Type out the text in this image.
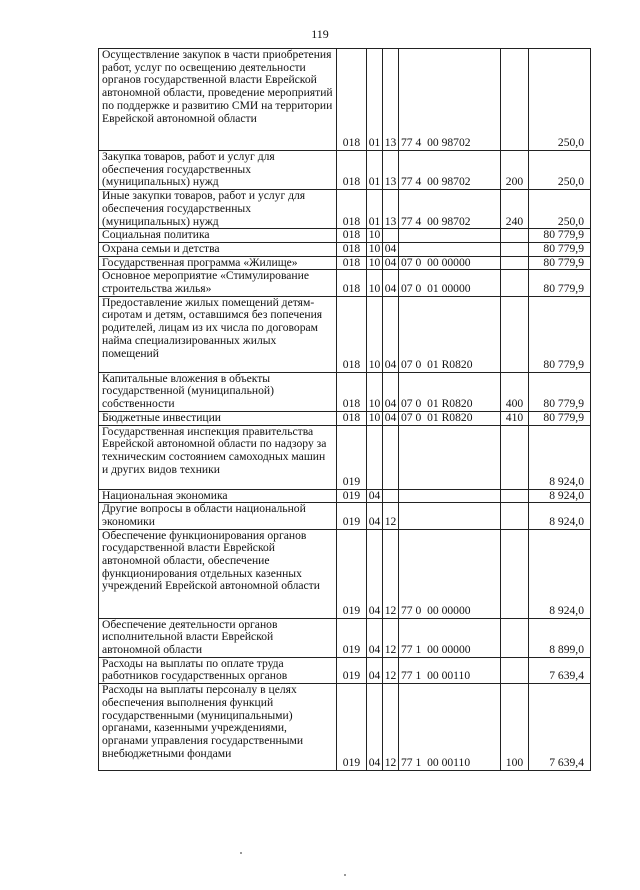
119
Осуществление закупок в части приобретения работ, услуг по освещению деятельности органов государственной власти Еврейской автономной области, проведение мероприятий по поддержке и развитию СМИ на территории Еврейской автономной области	018	01	13	77 4  00 98702		250,0
Закупка товаров, работ и услуг для обеспечения государственных (муниципальных) нужд	018	01	13	77 4  00 98702	200	250,0
Иные закупки товаров, работ и услуг для обеспечения государственных (муниципальных) нужд	018	01	13	77 4  00 98702	240	250,0
Социальная политика	018	10				80 779,9
Охрана семьи и детства	018	10	04			80 779,9
Государственная программа «Жилище»	018	10	04	07 0  00 00000		80 779,9
Основное мероприятие «Стимулирование строительства жилья»	018	10	04	07 0  01 00000		80 779,9
Предоставление жилых помещений детям-сиротам и детям, оставшимся без попечения родителей, лицам из их числа по договорам найма специализированных жилых помещений	018	10	04	07 0  01 R0820		80 779,9
Капитальные вложения в объекты государственной (муниципальной) собственности	018	10	04	07 0  01 R0820	400	80 779,9
Бюджетные инвестиции	018	10	04	07 0  01 R0820	410	80 779,9
Государственная инспекция правительства Еврейской автономной области по надзору за техническим состоянием самоходных машин и других видов техники	019					8 924,0
Национальная экономика	019	04				8 924,0
Другие вопросы в области национальной экономики	019	04	12			8 924,0
Обеспечение функционирования органов государственной власти Еврейской автономной области, обеспечение функционирования отдельных казенных учреждений Еврейской автономной области	019	04	12	77 0  00 00000		8 924,0
Обеспечение деятельности органов исполнительной власти Еврейской автономной области	019	04	12	77 1  00 00000		8 899,0
Расходы на выплаты по оплате труда работников государственных органов	019	04	12	77 1  00 00110		7 639,4
Расходы на выплаты персоналу в целях обеспечения выполнения функций государственными (муниципальными) органами, казенными учреждениями, органами управления государственными внебюджетными фондами	019	04	12	77 1  00 00110	100	7 639,4
